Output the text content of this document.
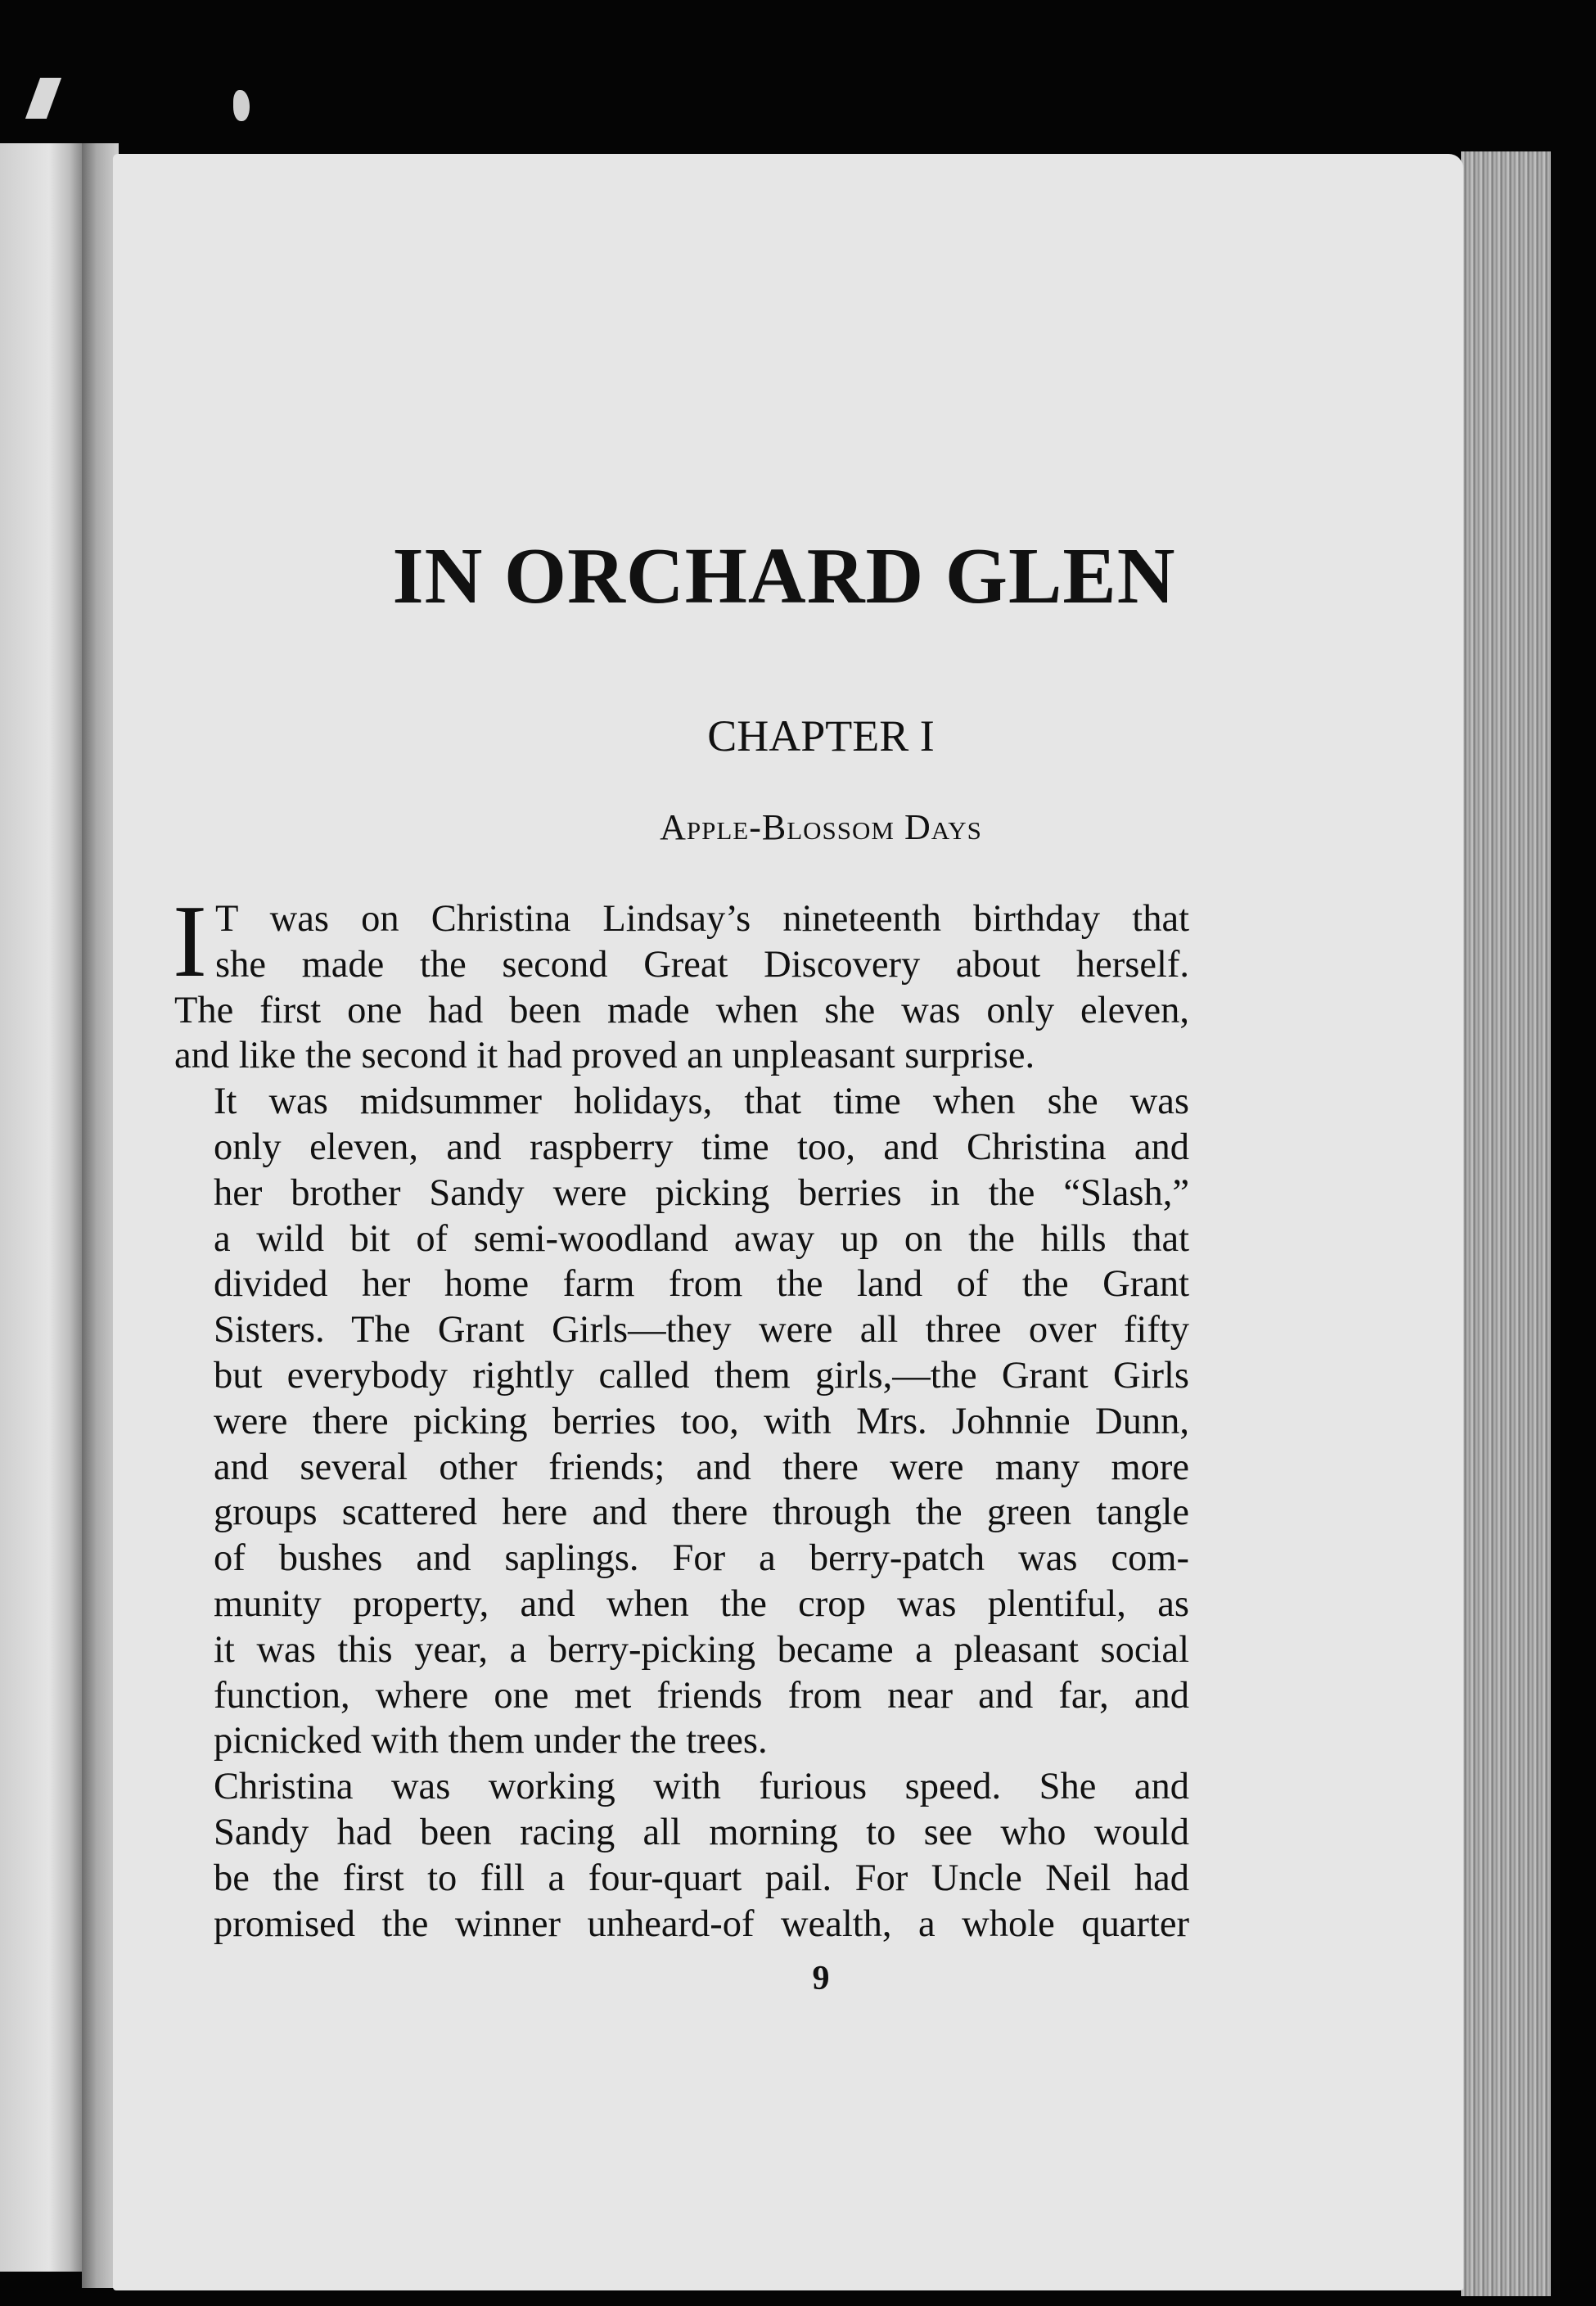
IN ORCHARD GLEN
CHAPTER I
Apple-Blossom Days

I T was on Christina Lindsay’s nineteenth birthday that
she made the second Great Discovery about herself.
The first one had been made when she was only eleven,
and like the second it had proved an unpleasant surprise.

It was midsummer holidays, that time when she was
only eleven, and raspberry time too, and Christina and
her brother Sandy were picking berries in the “Slash,”
a wild bit of semi-woodland away up on the hills that
divided her home farm from the land of the Grant
Sisters. The Grant Girls—they were all three over fifty
but everybody rightly called them girls,—the Grant Girls
were there picking berries too, with Mrs. Johnnie Dunn,
and several other friends; and there were many more
groups scattered here and there through the green tangle
of bushes and saplings. For a berry-patch was com-
munity property, and when the crop was plentiful, as
it was this year, a berry-picking became a pleasant social
function, where one met friends from near and far, and
picnicked with them under the trees.

Christina was working with furious speed. She and
Sandy had been racing all morning to see who would
be the first to fill a four-quart pail. For Uncle Neil had
promised the winner unheard-of wealth, a whole quarter

9
